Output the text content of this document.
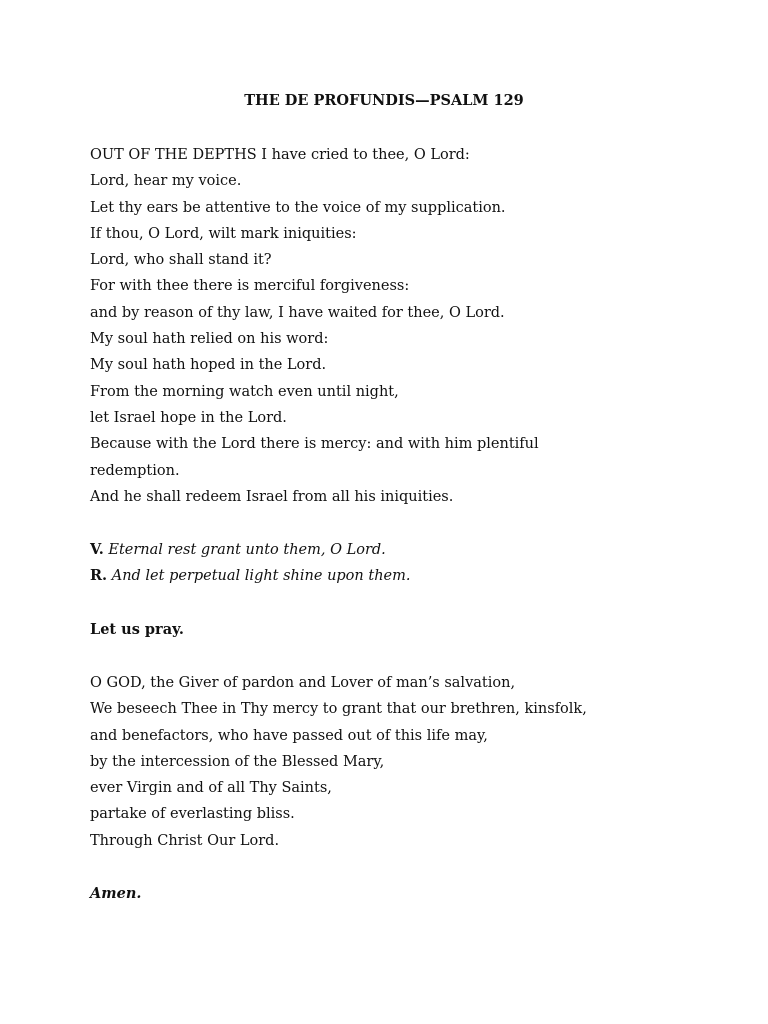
THE DE PROFUNDIS—PSALM 129
OUT OF THE DEPTHS I have cried to thee, O Lord:
Lord, hear my voice.
Let thy ears be attentive to the voice of my supplication.
If thou, O Lord, wilt mark iniquities:
Lord, who shall stand it?
For with thee there is merciful forgiveness:
and by reason of thy law, I have waited for thee, O Lord.
My soul hath relied on his word:
My soul hath hoped in the Lord.
From the morning watch even until night,
let Israel hope in the Lord.
Because with the Lord there is mercy: and with him plentiful
redemption.
And he shall redeem Israel from all his iniquities.
V. Eternal rest grant unto them, O Lord.
R. And let perpetual light shine upon them.
Let us pray.
O GOD, the Giver of pardon and Lover of man’s salvation,
We beseech Thee in Thy mercy to grant that our brethren, kinsfolk,
and benefactors, who have passed out of this life may,
by the intercession of the Blessed Mary,
ever Virgin and of all Thy Saints,
partake of everlasting bliss.
Through Christ Our Lord.
Amen.
